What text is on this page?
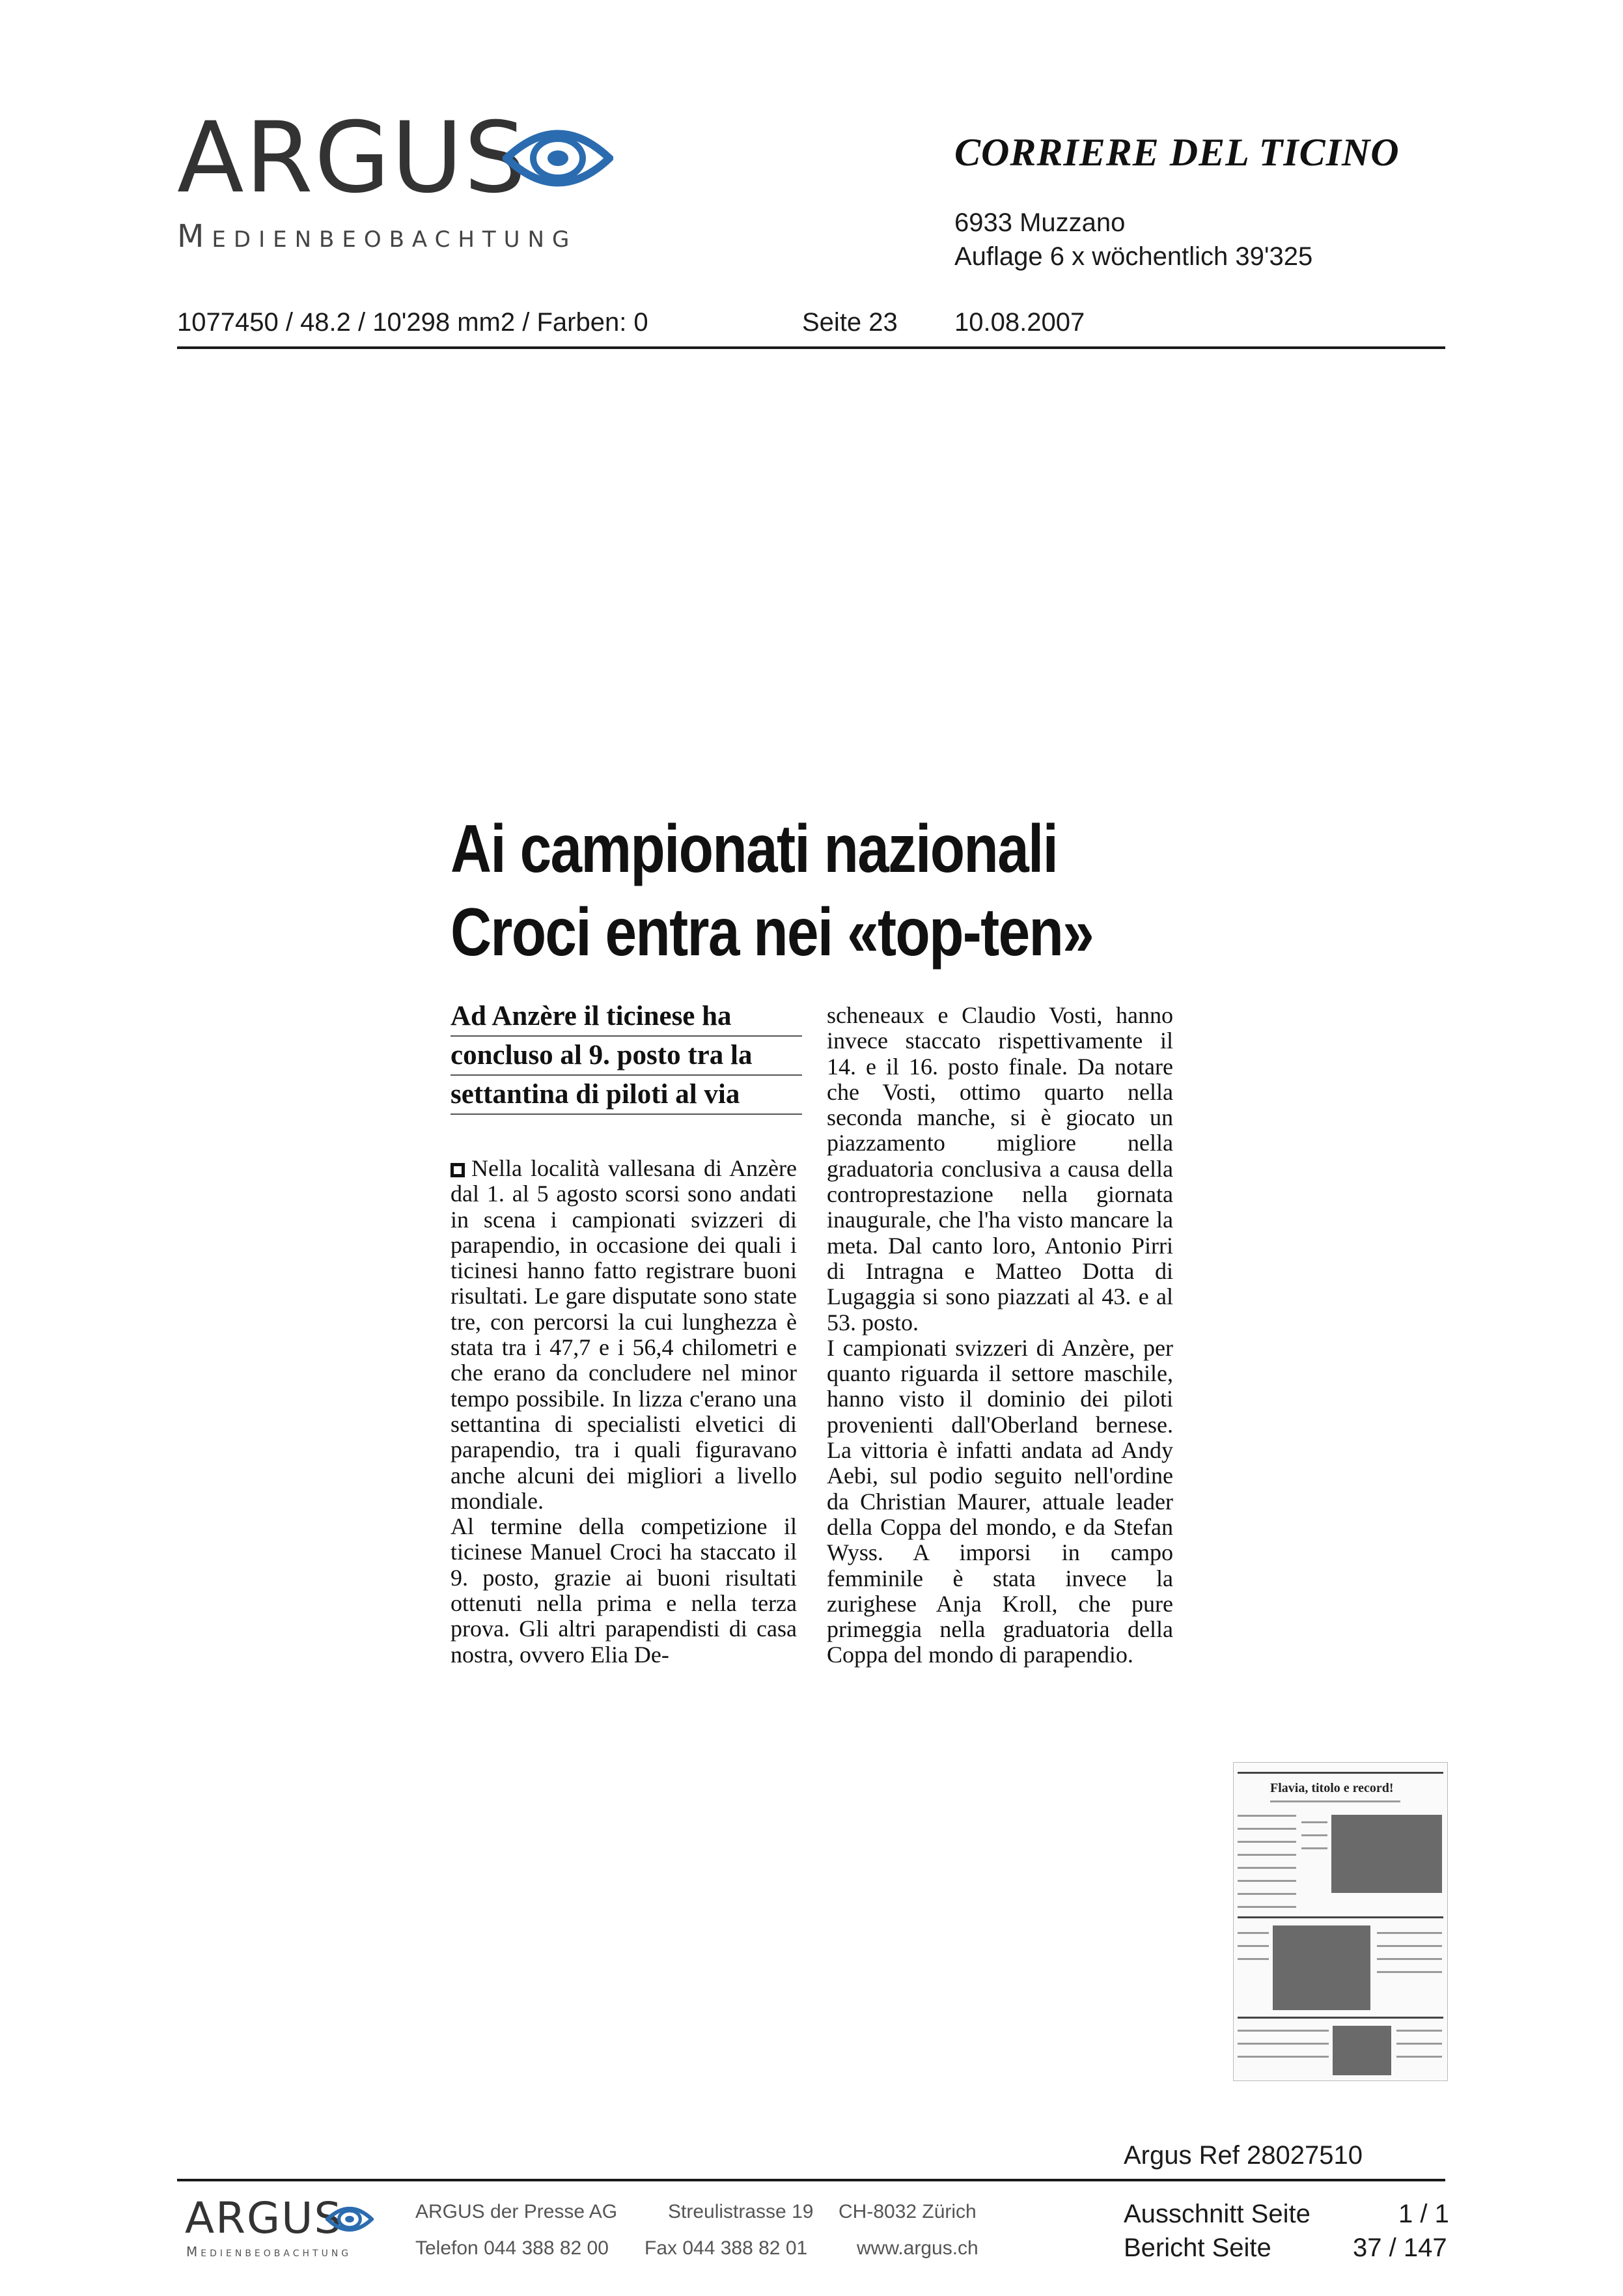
ARGUS
Medienbeobachtung
CORRIERE DEL TICINO
6933 Muzzano
Auflage 6 x wöchentlich 39'325
1077450 / 48.2 / 10'298 mm2 / Farben: 0	Seite 23 10.08.2007
Ai campionati nazionali
Croci entra nei «top-ten»
Ad Anzère il ticinese ha
concluso al 9. posto tra la
settantina di piloti al via

Nella località vallesana di Anzère dal 1. al 5 agosto scorsi sono andati in scena i campionati svizzeri di parapendio, in occasione dei quali i ticinesi hanno fatto registrare buoni risultati. Le gare disputate sono state tre, con percorsi la cui lunghezza è stata tra i 47,7 e i 56,4 chilometri e che erano da concludere nel minor tempo possibile. In lizza c'erano una settantina di specialisti elvetici di parapendio, tra i quali figuravano anche alcuni dei migliori a livello mondiale.

Al termine della competizione il ticinese Manuel Croci ha staccato il 9. posto, grazie ai buoni risultati ottenuti nella prima e nella terza prova. Gli altri parapendisti di casa nostra, ovvero Elia De-

scheneaux e Claudio Vosti, hanno invece staccato rispettivamente il 14. e il 16. posto finale. Da notare che Vosti, ottimo quarto nella seconda manche, si è giocato un piazzamento migliore nella graduatoria conclusiva a causa della controprestazione nella giornata inaugurale, che l'ha visto mancare la meta. Dal canto loro, Antonio Pirri di Intragna e Matteo Dotta di Lugaggia si sono piazzati al 43. e al 53. posto.

I campionati svizzeri di Anzère, per quanto riguarda il settore maschile, hanno visto il dominio dei piloti provenienti dall'Oberland bernese. La vittoria è infatti andata ad Andy Aebi, sul podio seguito nell'ordine da Christian Maurer, attuale leader della Coppa del mondo, e da Stefan Wyss. A imporsi in campo femminile è stata invece la zurighese Anja Kroll, che pure primeggia nella graduatoria della Coppa del mondo di parapendio.

Flavia, titolo e record!
Argus Ref 28027510
ARGUS
Medienbeobachtung
ARGUS der Presse AG	Streulistrasse 19 CH-8032 Zürich
Telefon 044 388 82 00 Fax 044 388 82 01	www.argus.ch
Ausschnitt Seite	1 / 1
Bericht Seite	37 / 147
